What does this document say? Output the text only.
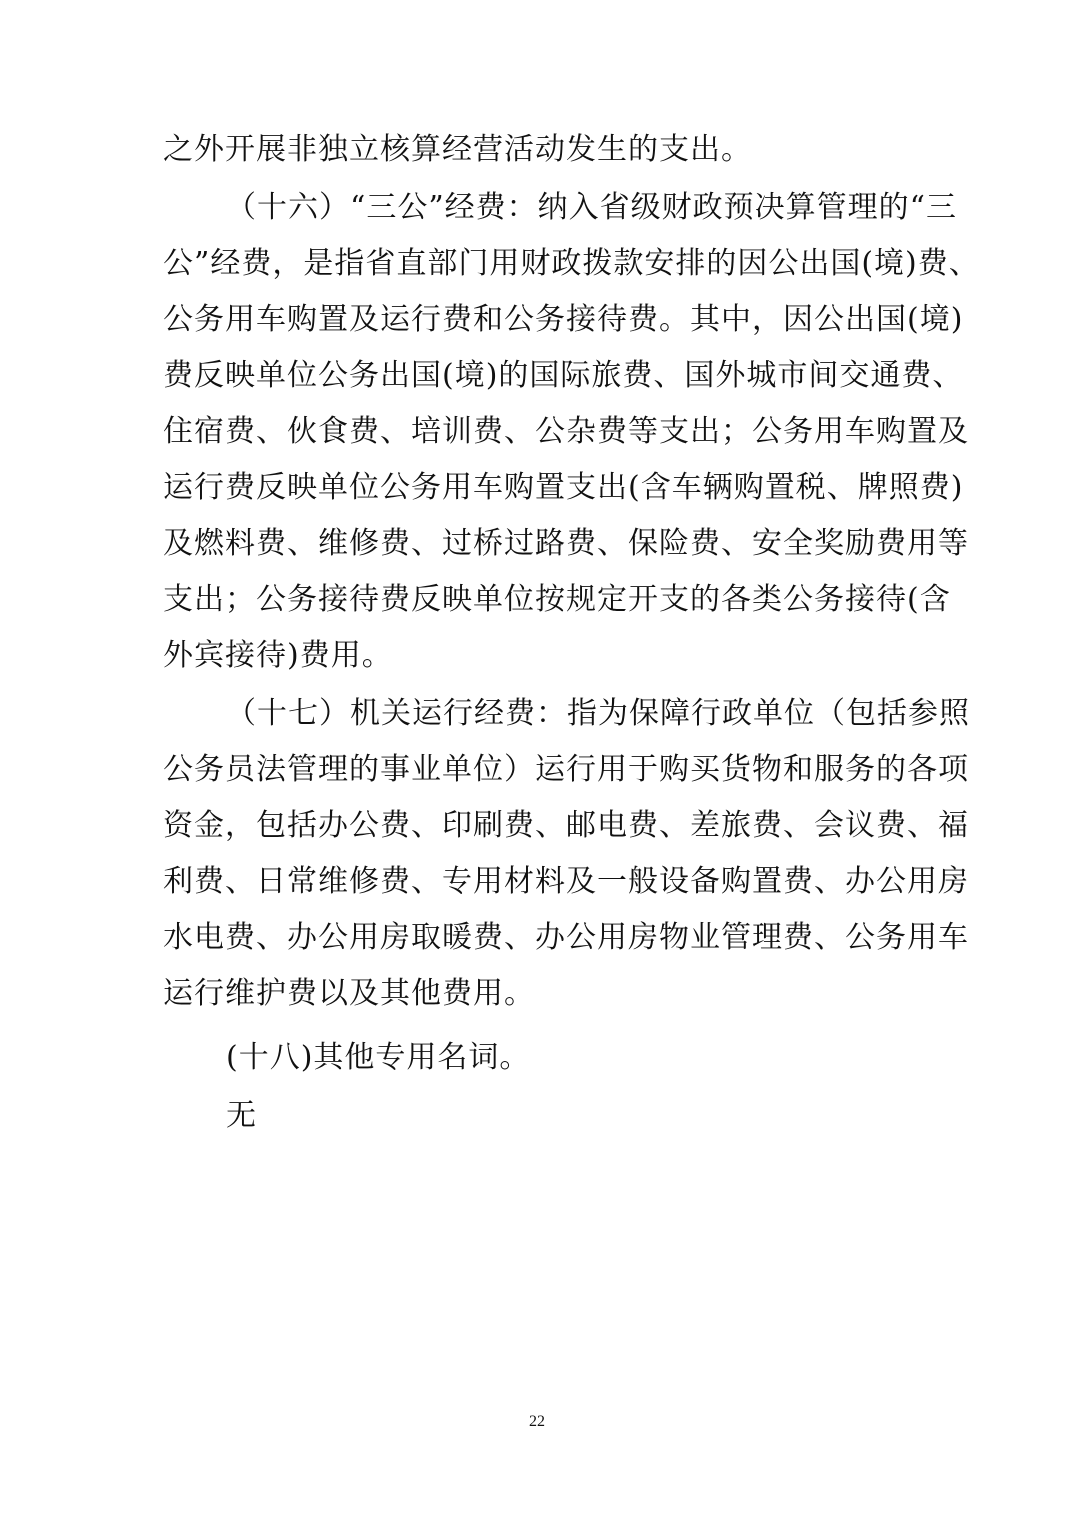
之外开展非独立核算经营活动发生的支出。
（十六）“三公”经费：纳入省级财政预决算管理的“三
公”经费，是指省直部门用财政拨款安排的因公出国(境)费、
公务用车购置及运行费和公务接待费。其中，因公出国(境)
费反映单位公务出国(境)的国际旅费、国外城市间交通费、
住宿费、伙食费、培训费、公杂费等支出；公务用车购置及
运行费反映单位公务用车购置支出(含车辆购置税、牌照费)
及燃料费、维修费、过桥过路费、保险费、安全奖励费用等
支出；公务接待费反映单位按规定开支的各类公务接待(含
外宾接待)费用。
（十七）机关运行经费：指为保障行政单位（包括参照
公务员法管理的事业单位）运行用于购买货物和服务的各项
资金，包括办公费、印刷费、邮电费、差旅费、会议费、福
利费、日常维修费、专用材料及一般设备购置费、办公用房
水电费、办公用房取暖费、办公用房物业管理费、公务用车
运行维护费以及其他费用。
(十八)其他专用名词。
无
22
